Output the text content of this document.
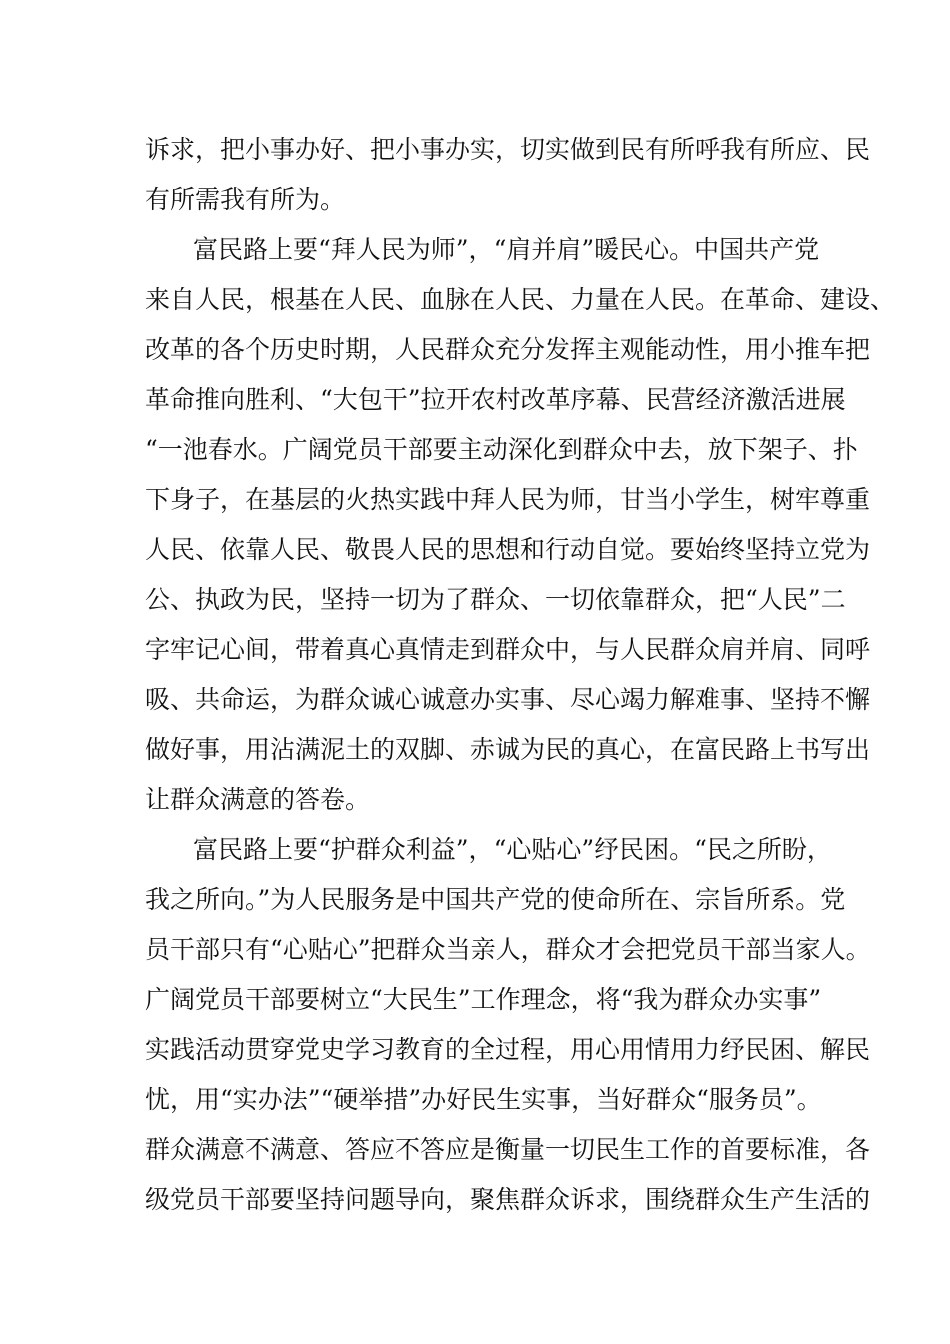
诉求，把小事办好、把小事办实，切实做到民有所呼我有所应、民
有所需我有所为。
富民路上要“拜人民为师”，“肩并肩”暖民心。中国共产党
来自人民，根基在人民、血脉在人民、力量在人民。在革命、建设、
改革的各个历史时期，人民群众充分发挥主观能动性，用小推车把
革命推向胜利、“大包干”拉开农村改革序幕、民营经济激活进展
“一池春水。广阔党员干部要主动深化到群众中去，放下架子、扑
下身子，在基层的火热实践中拜人民为师，甘当小学生，树牢尊重
人民、依靠人民、敬畏人民的思想和行动自觉。要始终坚持立党为
公、执政为民，坚持一切为了群众、一切依靠群众，把“人民”二
字牢记心间，带着真心真情走到群众中，与人民群众肩并肩、同呼
吸、共命运，为群众诚心诚意办实事、尽心竭力解难事、坚持不懈
做好事，用沾满泥土的双脚、赤诚为民的真心，在富民路上书写出
让群众满意的答卷。
富民路上要“护群众利益”，“心贴心”纾民困。“民之所盼，
我之所向。”为人民服务是中国共产党的使命所在、宗旨所系。党
员干部只有“心贴心”把群众当亲人，群众才会把党员干部当家人。
广阔党员干部要树立“大民生”工作理念，将“我为群众办实事”
实践活动贯穿党史学习教育的全过程，用心用情用力纾民困、解民
忧，用“实办法”“硬举措”办好民生实事，当好群众“服务员”。
群众满意不满意、答应不答应是衡量一切民生工作的首要标准，各
级党员干部要坚持问题导向，聚焦群众诉求，围绕群众生产生活的
